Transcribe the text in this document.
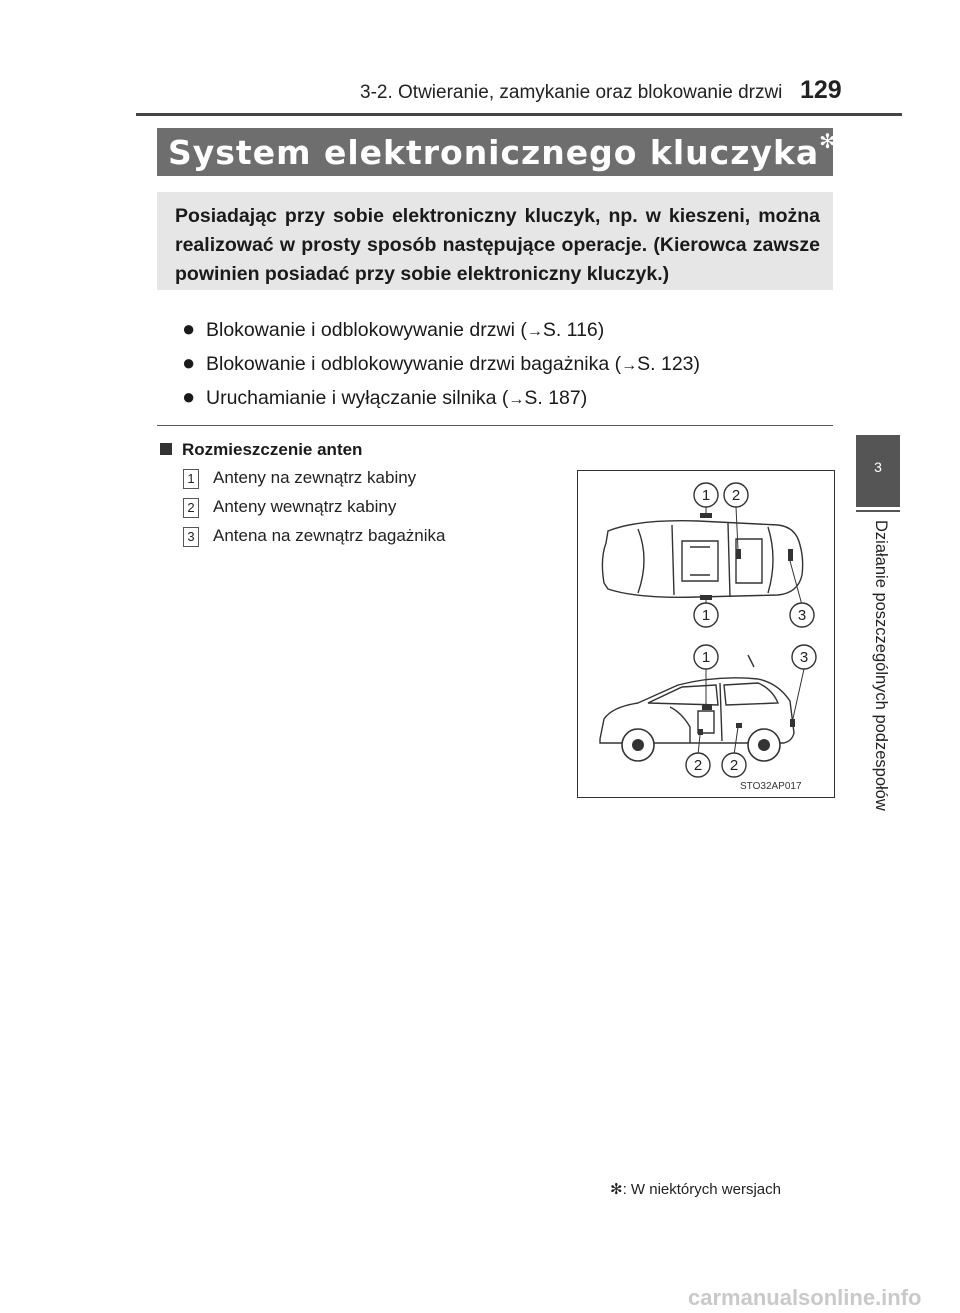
3-2. Otwieranie, zamykanie oraz blokowanie drzwi 129
System elektronicznego kluczyka✻
Posiadając przy sobie elektroniczny kluczyk, np. w kieszeni, można realizować w prosty sposób następujące operacje. (Kierowca zawsze powinien posiadać przy sobie elektroniczny kluczyk.)
● Blokowanie i odblokowywanie drzwi (→S. 116)
● Blokowanie i odblokowywanie drzwi bagażnika (→S. 123)
● Uruchamianie i wyłączanie silnika (→S. 187)
Rozmieszczenie anten
1 Anteny na zewnątrz kabiny
2 Anteny wewnątrz kabiny
3 Antena na zewnątrz bagażnika
1 2
1	3
1	3
2 2
STO32AP017
3
Działanie poszczególnych podzespołów
✻: W niektórych wersjach
carmanualsonline.info
